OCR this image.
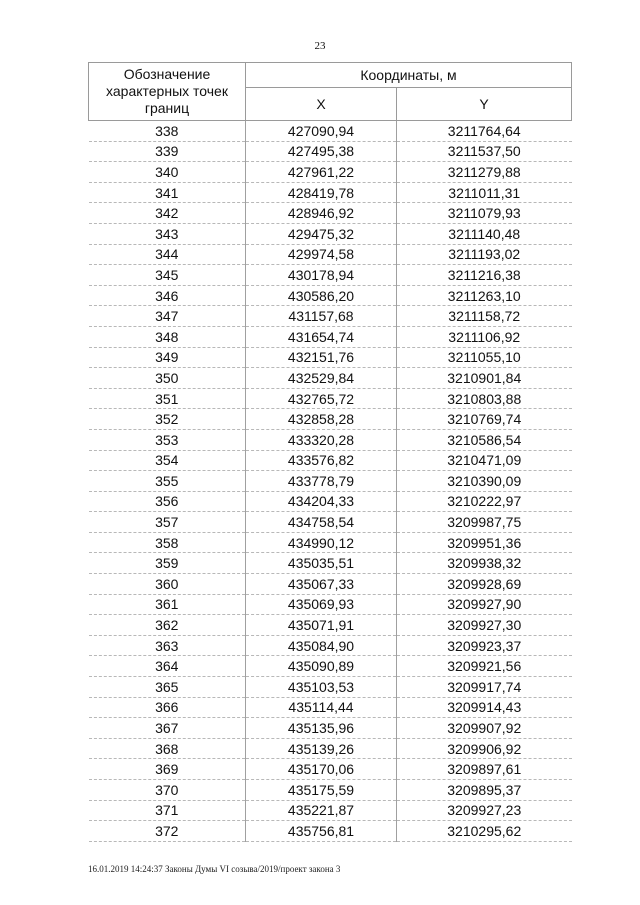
23
Обозначение характерных точек границ	Координаты, м	
	X	Y
338	427090,94	3211764,64
339	427495,38	3211537,50
340	427961,22	3211279,88
341	428419,78	3211011,31
342	428946,92	3211079,93
343	429475,32	3211140,48
344	429974,58	3211193,02
345	430178,94	3211216,38
346	430586,20	3211263,10
347	431157,68	3211158,72
348	431654,74	3211106,92
349	432151,76	3211055,10
350	432529,84	3210901,84
351	432765,72	3210803,88
352	432858,28	3210769,74
353	433320,28	3210586,54
354	433576,82	3210471,09
355	433778,79	3210390,09
356	434204,33	3210222,97
357	434758,54	3209987,75
358	434990,12	3209951,36
359	435035,51	3209938,32
360	435067,33	3209928,69
361	435069,93	3209927,90
362	435071,91	3209927,30
363	435084,90	3209923,37
364	435090,89	3209921,56
365	435103,53	3209917,74
366	435114,44	3209914,43
367	435135,96	3209907,92
368	435139,26	3209906,92
369	435170,06	3209897,61
370	435175,59	3209895,37
371	435221,87	3209927,23
372	435756,81	3210295,62
16.01.2019 14:24:37 Законы Думы VI созыва/2019/проект закона 3
